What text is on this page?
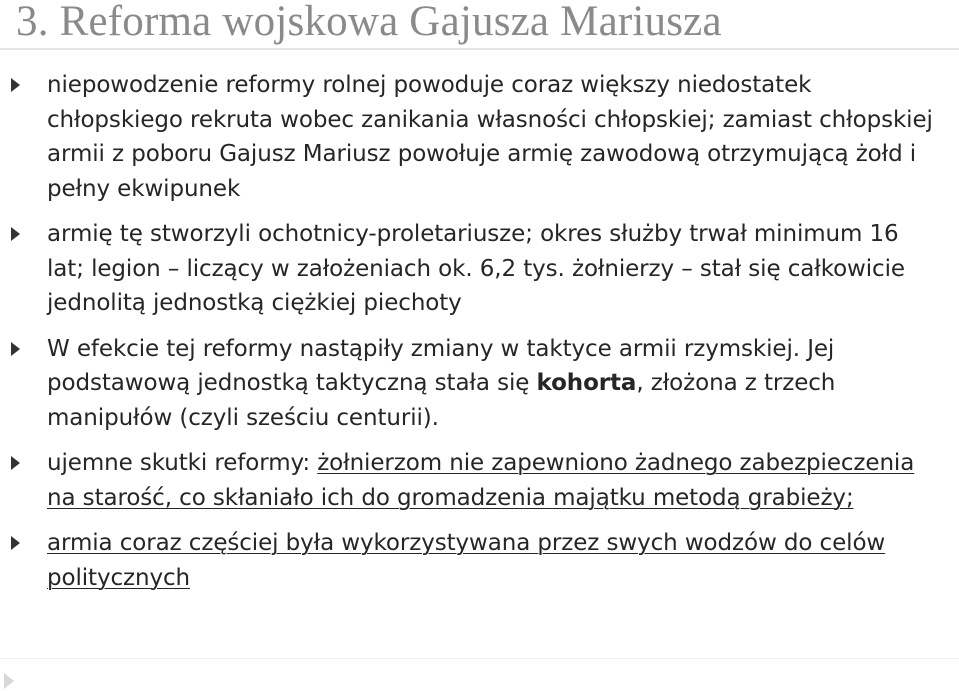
3. Reforma wojskowa Gajusza Mariusza
niepowodzenie reformy rolnej powoduje coraz większy niedostatek chłopskiego rekruta wobec zanikania własności chłopskiej; zamiast chłopskiej armii z poboru Gajusz Mariusz powołuje armię zawodową otrzymującą żołd i pełny ekwipunek
armię tę stworzyli ochotnicy-proletariusze; okres służby trwał minimum 16 lat; legion – liczący w założeniach ok. 6,2 tys. żołnierzy – stał się całkowicie jednolitą jednostką ciężkiej piechoty
W efekcie tej reformy nastąpiły zmiany w taktyce armii rzymskiej. Jej podstawową jednostką taktyczną stała się kohorta, złożona z trzech manipułów (czyli sześciu centurii).
ujemne skutki reformy: żołnierzom nie zapewniono żadnego zabezpieczenia na starość, co skłaniało ich do gromadzenia majątku metodą grabieży;
armia coraz częściej była wykorzystywana przez swych wodzów do celów politycznych
